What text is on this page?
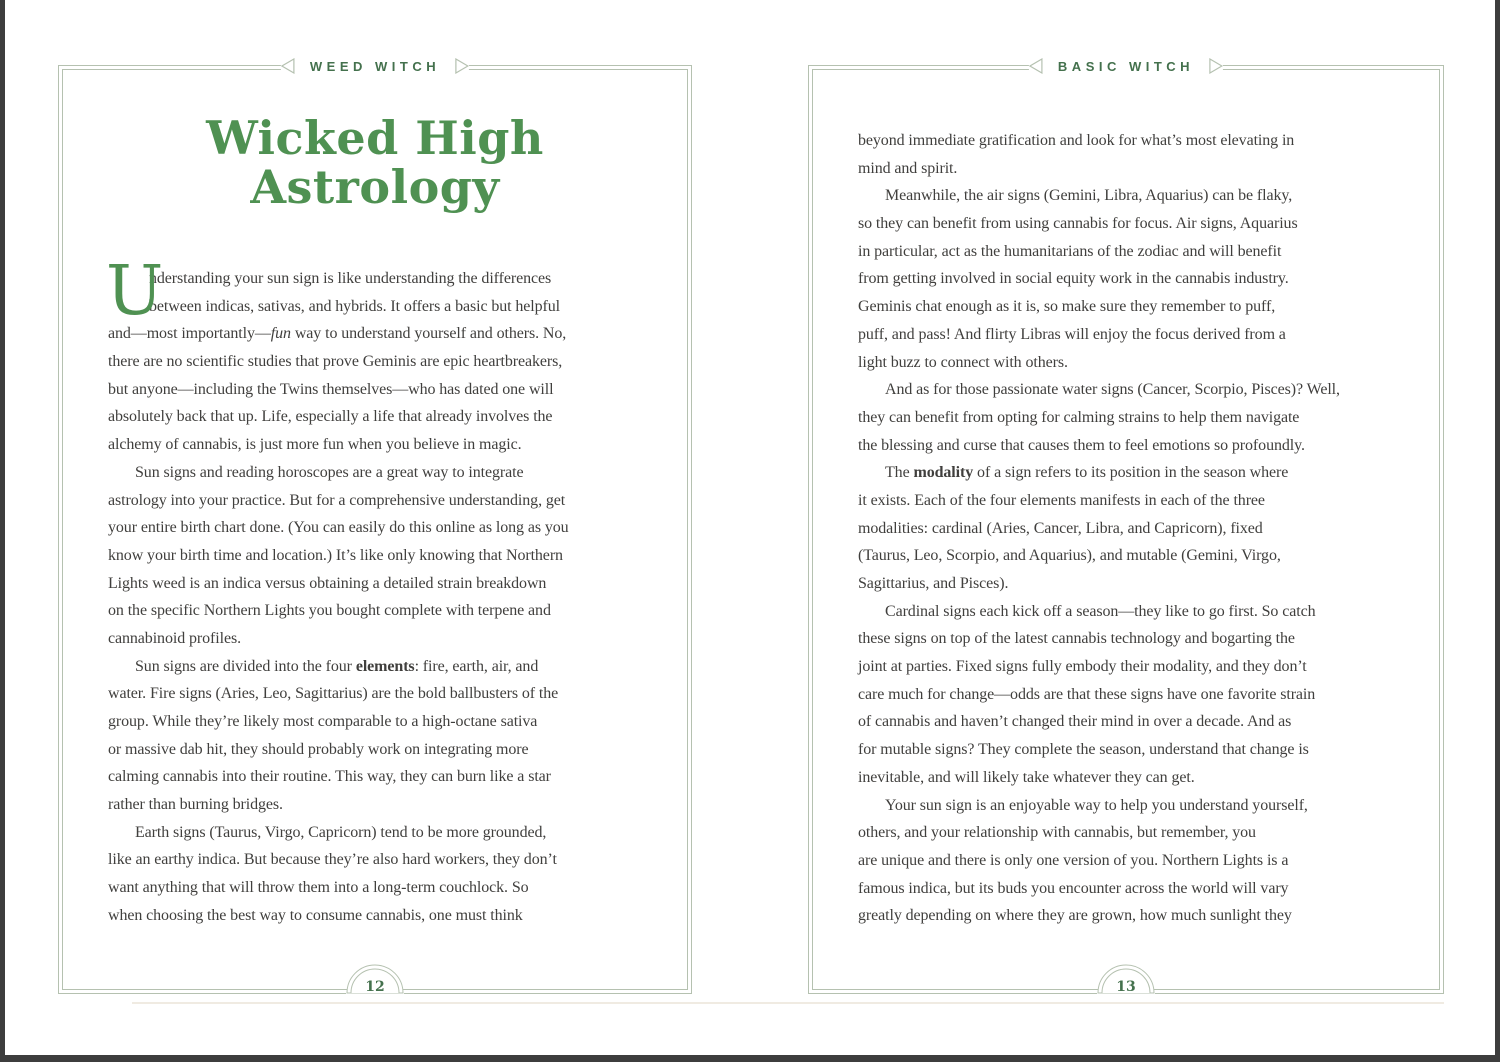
WEED WITCH
Wicked High
Astrology
U
nderstanding your sun sign is like understanding the differences
between indicas, sativas, and hybrids. It offers a basic but helpful
and—most importantly—fun way to understand yourself and others. No,
there are no scientific studies that prove Geminis are epic heartbreakers,
but anyone—including the Twins themselves—who has dated one will
absolutely back that up. Life, especially a life that already involves the
alchemy of cannabis, is just more fun when you believe in magic.
Sun signs and reading horoscopes are a great way to integrate
astrology into your practice. But for a comprehensive understanding, get
your entire birth chart done. (You can easily do this online as long as you
know your birth time and location.) It’s like only knowing that Northern
Lights weed is an indica versus obtaining a detailed strain breakdown
on the specific Northern Lights you bought complete with terpene and
cannabinoid profiles.
Sun signs are divided into the four elements: fire, earth, air, and
water. Fire signs (Aries, Leo, Sagittarius) are the bold ballbusters of the
group. While they’re likely most comparable to a high-octane sativa
or massive dab hit, they should probably work on integrating more
calming cannabis into their routine. This way, they can burn like a star
rather than burning bridges.
Earth signs (Taurus, Virgo, Capricorn) tend to be more grounded,
like an earthy indica. But because they’re also hard workers, they don’t
want anything that will throw them into a long-term couchlock. So
when choosing the best way to consume cannabis, one must think
12
BASIC WITCH
beyond immediate gratification and look for what’s most elevating in
mind and spirit.
Meanwhile, the air signs (Gemini, Libra, Aquarius) can be flaky,
so they can benefit from using cannabis for focus. Air signs, Aquarius
in particular, act as the humanitarians of the zodiac and will benefit
from getting involved in social equity work in the cannabis industry.
Geminis chat enough as it is, so make sure they remember to puff,
puff, and pass! And flirty Libras will enjoy the focus derived from a
light buzz to connect with others.
And as for those passionate water signs (Cancer, Scorpio, Pisces)? Well,
they can benefit from opting for calming strains to help them navigate
the blessing and curse that causes them to feel emotions so profoundly.
The modality of a sign refers to its position in the season where
it exists. Each of the four elements manifests in each of the three
modalities: cardinal (Aries, Cancer, Libra, and Capricorn), fixed
(Taurus, Leo, Scorpio, and Aquarius), and mutable (Gemini, Virgo,
Sagittarius, and Pisces).
Cardinal signs each kick off a season—they like to go first. So catch
these signs on top of the latest cannabis technology and bogarting the
joint at parties. Fixed signs fully embody their modality, and they don’t
care much for change—odds are that these signs have one favorite strain
of cannabis and haven’t changed their mind in over a decade. And as
for mutable signs? They complete the season, understand that change is
inevitable, and will likely take whatever they can get.
Your sun sign is an enjoyable way to help you understand yourself,
others, and your relationship with cannabis, but remember, you
are unique and there is only one version of you. Northern Lights is a
famous indica, but its buds you encounter across the world will vary
greatly depending on where they are grown, how much sunlight they
13
